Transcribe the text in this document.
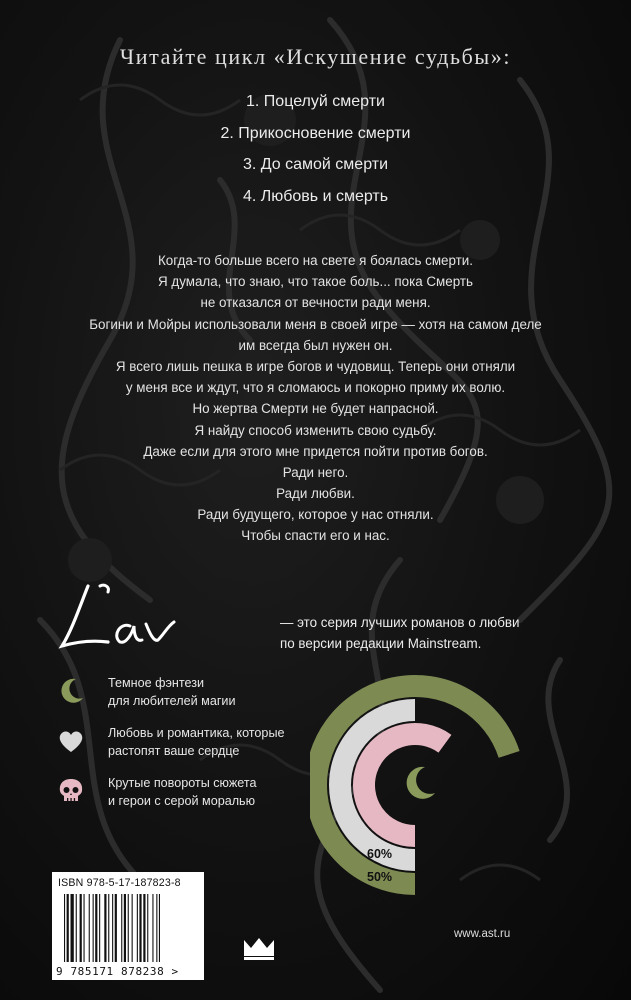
Читайте цикл «Искушение судьбы»:
1. Поцелуй смерти
2. Прикосновение смерти
3. До самой смерти
4. Любовь и смерть
Когда-то больше всего на свете я боялась смерти.
Я думала, что знаю, что такое боль... пока Смерть
не отказался от вечности ради меня.
Богини и Мойры использовали меня в своей игре — хотя на самом деле
им всегда был нужен он.
Я всего лишь пешка в игре богов и чудовищ. Теперь они отняли
у меня все и ждут, что я сломаюсь и покорно приму их волю.
Но жертва Смерти не будет напрасной.
Я найду способ изменить свою судьбу.
Даже если для этого мне придется пойти против богов.
Ради него.
Ради любви.
Ради будущего, которое у нас отняли.
Чтобы спасти его и нас.
— это серия лучших романов о любви
по версии редакции Mainstream.
Темное фэнтези
для любителей магии
Любовь и романтика, которые
растопят ваше сердце
Крутые повороты сюжета
и герои с серой моралью
60%
50%
70%
ISBN 978-5-17-187823-8
9 785171 878238 >
www.ast.ru
